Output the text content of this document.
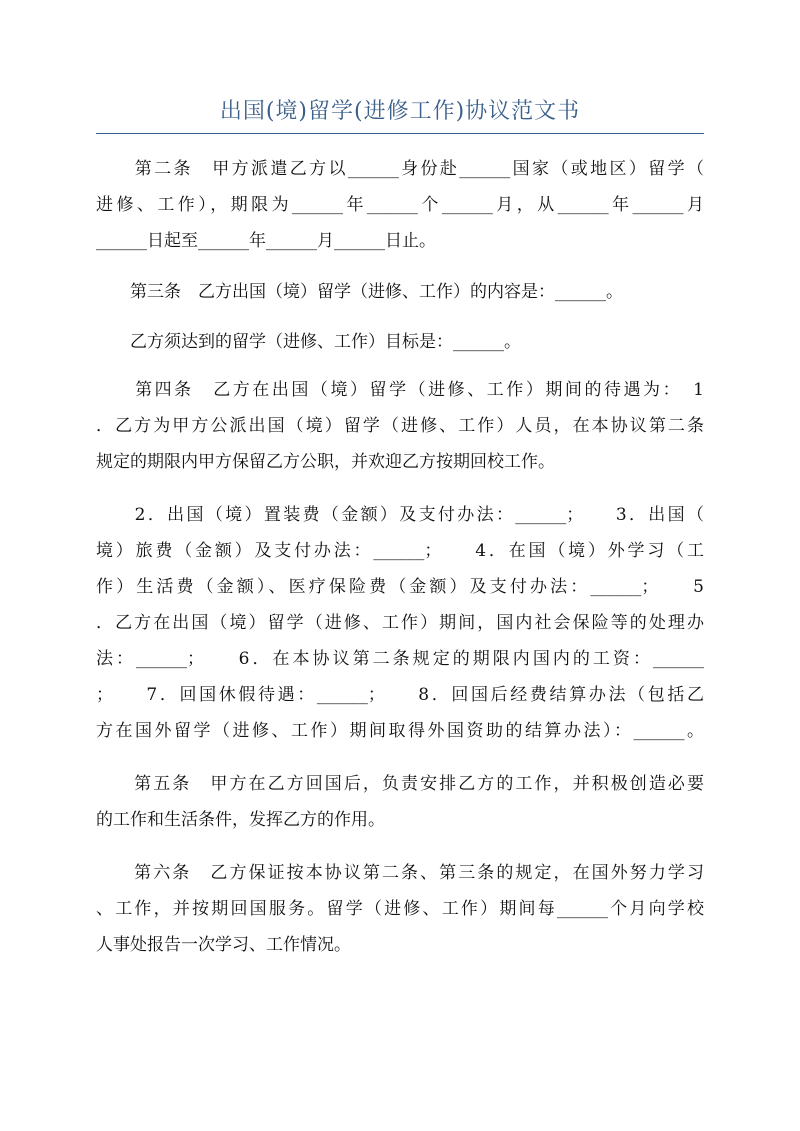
出国(境)留学(进修工作)协议范文书
　　第二条　甲方派遣乙方以______身份赴______国家（或地区）留学（
进修、工作），期限为______年______个______月，从______年______月
______日起至______年______月______日止。
　　第三条　乙方出国（境）留学（进修、工作）的内容是：______。
　　乙方须达到的留学（进修、工作）目标是：______。
　　第四条　乙方在出国（境）留学（进修、工作）期间的待遇为：　1
．乙方为甲方公派出国（境）留学（进修、工作）人员，在本协议第二条
规定的期限内甲方保留乙方公职，并欢迎乙方按期回校工作。
　　2．出国（境）置装费（金额）及支付办法：______；　　3．出国（
境）旅费（金额）及支付办法：______；　　4．在国（境）外学习（工
作）生活费（金额）、医疗保险费（金额）及支付办法：______；　　5
．乙方在出国（境）留学（进修、工作）期间，国内社会保险等的处理办
法：______；　　6．在本协议第二条规定的期限内国内的工资：______
；　　7．回国休假待遇：______；　　8．回国后经费结算办法（包括乙
方在国外留学（进修、工作）期间取得外国资助的结算办法）：______。
　　第五条　甲方在乙方回国后，负责安排乙方的工作，并积极创造必要
的工作和生活条件，发挥乙方的作用。
　　第六条　乙方保证按本协议第二条、第三条的规定，在国外努力学习
、工作，并按期回国服务。留学（进修、工作）期间每______个月向学校
人事处报告一次学习、工作情况。
